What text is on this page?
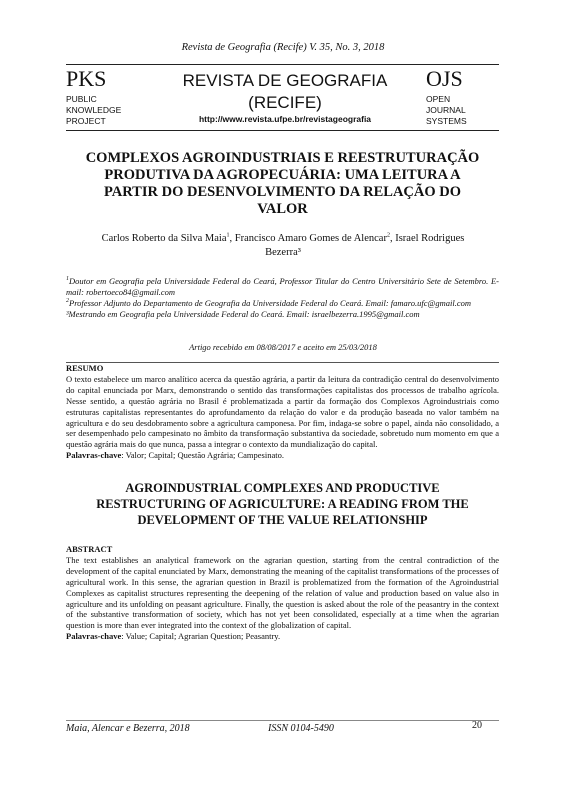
Revista de Geografia (Recife) V. 35, No. 3, 2018
PKS
PUBLIC
KNOWLEDGE
PROJECT
REVISTA DE GEOGRAFIA
(RECIFE)
http://www.revista.ufpe.br/revistageografia
OJS
OPEN
JOURNAL
SYSTEMS
COMPLEXOS AGROINDUSTRIAIS E REESTRUTURAÇÃO
PRODUTIVA DA AGROPECUÁRIA: UMA LEITURA A
PARTIR DO DESENVOLVIMENTO DA RELAÇÃO DO
VALOR
Carlos Roberto da Silva Maia$^1$, Francisco Amaro Gomes de Alencar$^2$, Israel Rodrigues Bezerra³

$^1$Doutor em Geografia pela Universidade Federal do Ceará, Professor Titular do Centro Universitário Sete de Setembro. E-mail: robertoeco84@gmail.com

$^2$Professor Adjunto do Departamento de Geografia da Universidade Federal do Ceará. Email: famaro.ufc@gmail.com

³Mestrando em Geografia pela Universidade Federal do Ceará. Email: israelbezerra.1995@gmail.com

Artigo recebido em 08/08/2017 e aceito em 25/03/2018
RESUMO
O texto estabelece um marco analítico acerca da questão agrária, a partir da leitura da contradição central do desenvolvimento do capital enunciada por Marx, demonstrando o sentido das transformações capitalistas dos processos de trabalho agrícola. Nesse sentido, a questão agrária no Brasil é problematizada a partir da formação dos Complexos Agroindustriais como estruturas capitalistas representantes do aprofundamento da relação do valor e da produção baseada no valor também na agricultura e do seu desdobramento sobre a agricultura camponesa. Por fim, indaga-se sobre o papel, ainda não consolidado, a ser desempenhado pelo campesinato no âmbito da transformação substantiva da sociedade, sobretudo num momento em que a questão agrária mais do que nunca, passa a integrar o contexto da mundialização do capital.
Palavras-chave: Valor; Capital; Questão Agrária; Campesinato.
AGROINDUSTRIAL COMPLEXES AND PRODUCTIVE
RESTRUCTURING OF AGRICULTURE: A READING FROM THE
DEVELOPMENT OF THE VALUE RELATIONSHIP
ABSTRACT
The text establishes an analytical framework on the agrarian question, starting from the central contradiction of the development of the capital enunciated by Marx, demonstrating the meaning of the capitalist transformations of the processes of agricultural work. In this sense, the agrarian question in Brazil is problematized from the formation of the Agroindustrial Complexes as capitalist structures representing the deepening of the relation of value and production based on value also in agriculture and its unfolding on peasant agriculture. Finally, the question is asked about the role of the peasantry in the context of the substantive transformation of society, which has not yet been consolidated, especially at a time when the agrarian question is more than ever integrated into the context of the globalization of capital.
Palavras-chave: Value; Capital; Agrarian Question; Peasantry.
Maia, Alencar e Bezerra, 2018	ISSN 0104-5490	20
